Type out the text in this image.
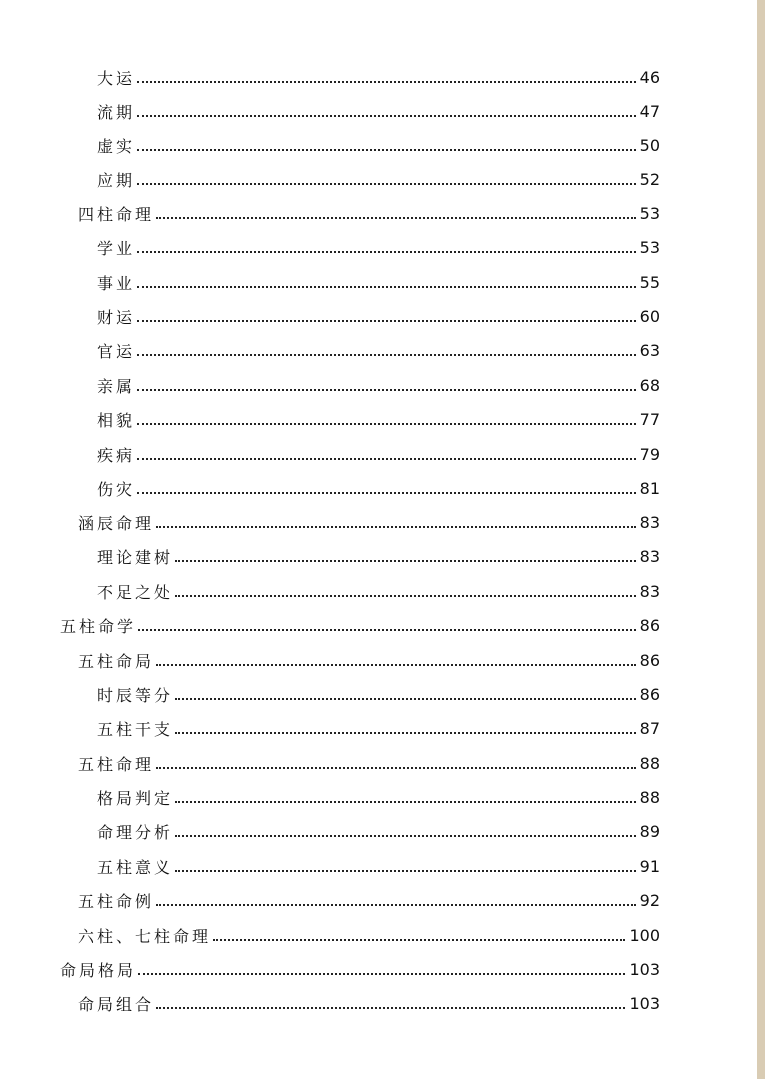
大运	46
流期	47
虚实	50
应期	52
四柱命理	53
学业	53
事业	55
财运	60
官运	63
亲属	68
相貌	77
疾病	79
伤灾	81
涵辰命理	83
理论建树	83
不足之处	83
五柱命学	86
五柱命局	86
时辰等分	86
五柱干支	87
五柱命理	88
格局判定	88
命理分析	89
五柱意义	91
五柱命例	92
六柱、七柱命理	100
命局格局	103
命局组合	103
